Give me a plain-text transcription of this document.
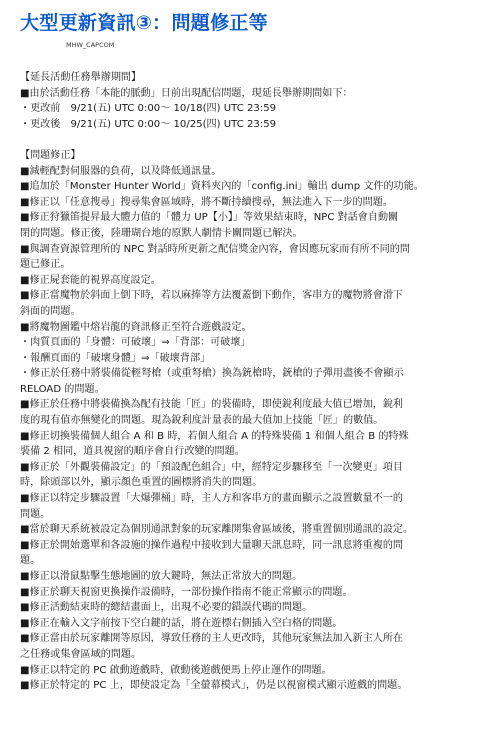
大型更新資訊③：問題修正等
MHW_CAPCOM
【延長活動任務舉辦期間】
■由於活動任務「本能的脈動」日前出現配信問題，現延長舉辦期間如下：
・更改前　9/21(五) UTC 0:00～ 10/18(四) UTC 23:59
・更改後　9/21(五) UTC 0:00～ 10/25(四) UTC 23:59
【問題修正】
■減輕配對伺服器的負荷，以及降低通訊量。
■追加於「Monster Hunter World」資料夾內的「config.ini」輸出 dump 文件的功能。
■修正以「任意搜尋」搜尋集會區域時，將不斷持續搜尋，無法進入下一步的問題。
■修正狩獵笛提昇最大體力值的「體力 UP【小】」等效果結束時，NPC 對話會自動關
閉的問題。修正後，陸珊瑚台地的原默人劇情卡關問題已解決。
■與調查資源管理所的 NPC 對話時所更新之配信獎金內容，會因應玩家而有所不同的問
題已修正。
■修正屍套能的視界高度設定。
■修正當魔物於斜面上倒下時，若以麻捧等方法覆蓋倒下動作，客串方的魔物將會滑下
斜面的問題。
■將魔物圖鑑中熔岩龍的資訊修正至符合遊戲設定。
・肉質頁面的「身體：可破壞」⇒「背部：可破壞」
・報酬頁面的「破壞身體」⇒「破壞背部」
・修正於任務中將裝備從輕弩槍（或重弩槍）換為銃槍時，銃槍的子彈用盡後不會顯示
RELOAD 的問題。
■修正於任務中將裝備換為配有技能「匠」的裝備時，即使銳利度最大值已增加，銳利
度的現有值亦無變化的問題。現為銳利度計量表的最大值加上技能「匠」的數值。
■修正切換裝備個人組合 A 和 B 時，若個人組合 A 的特殊裝備 1 和個人組合 B 的特殊
裝備 2 相同，道具視窗的順序會自行改變的問題。
■修正於「外觀裝備設定」的「預設配色組合」中，經特定步驟移至「一次變更」項目
時，除頭部以外，顯示顏色重置的圖標將消失的問題。
■修正以特定步驟設置「大爆彈桶」時，主人方和客串方的畫面顯示之設置數量不一的
問題。
■當於聊天系統被設定為個別通訊對象的玩家離開集會區域後，將重置個別通訊的設定。
■修正於開始選單和各設施的操作過程中接收到大量聊天訊息時，同一訊息將重複的問
題。
■修正以滑鼠點擊生態地圖的放大鍵時，無法正常放大的問題。
■修正於聊天視窗更換操作設備時，一部份操作指南不能正常顯示的問題。
■修正活動結束時的總結畫面上，出現不必要的錯誤代碼的問題。
■修正在輸入文字前按下空白鍵的話，將在遊標右側插入空白格的問題。
■修正當由於玩家離開等原因，導致任務的主人更改時，其他玩家無法加入新主人所在
之任務或集會區域的問題。
■修正以特定的 PC 啟動遊戲時，啟動後遊戲便馬上停止運作的問題。
■修正於特定的 PC 上，即使設定為「全螢幕模式」，仍是以視窗模式顯示遊戲的問題。
